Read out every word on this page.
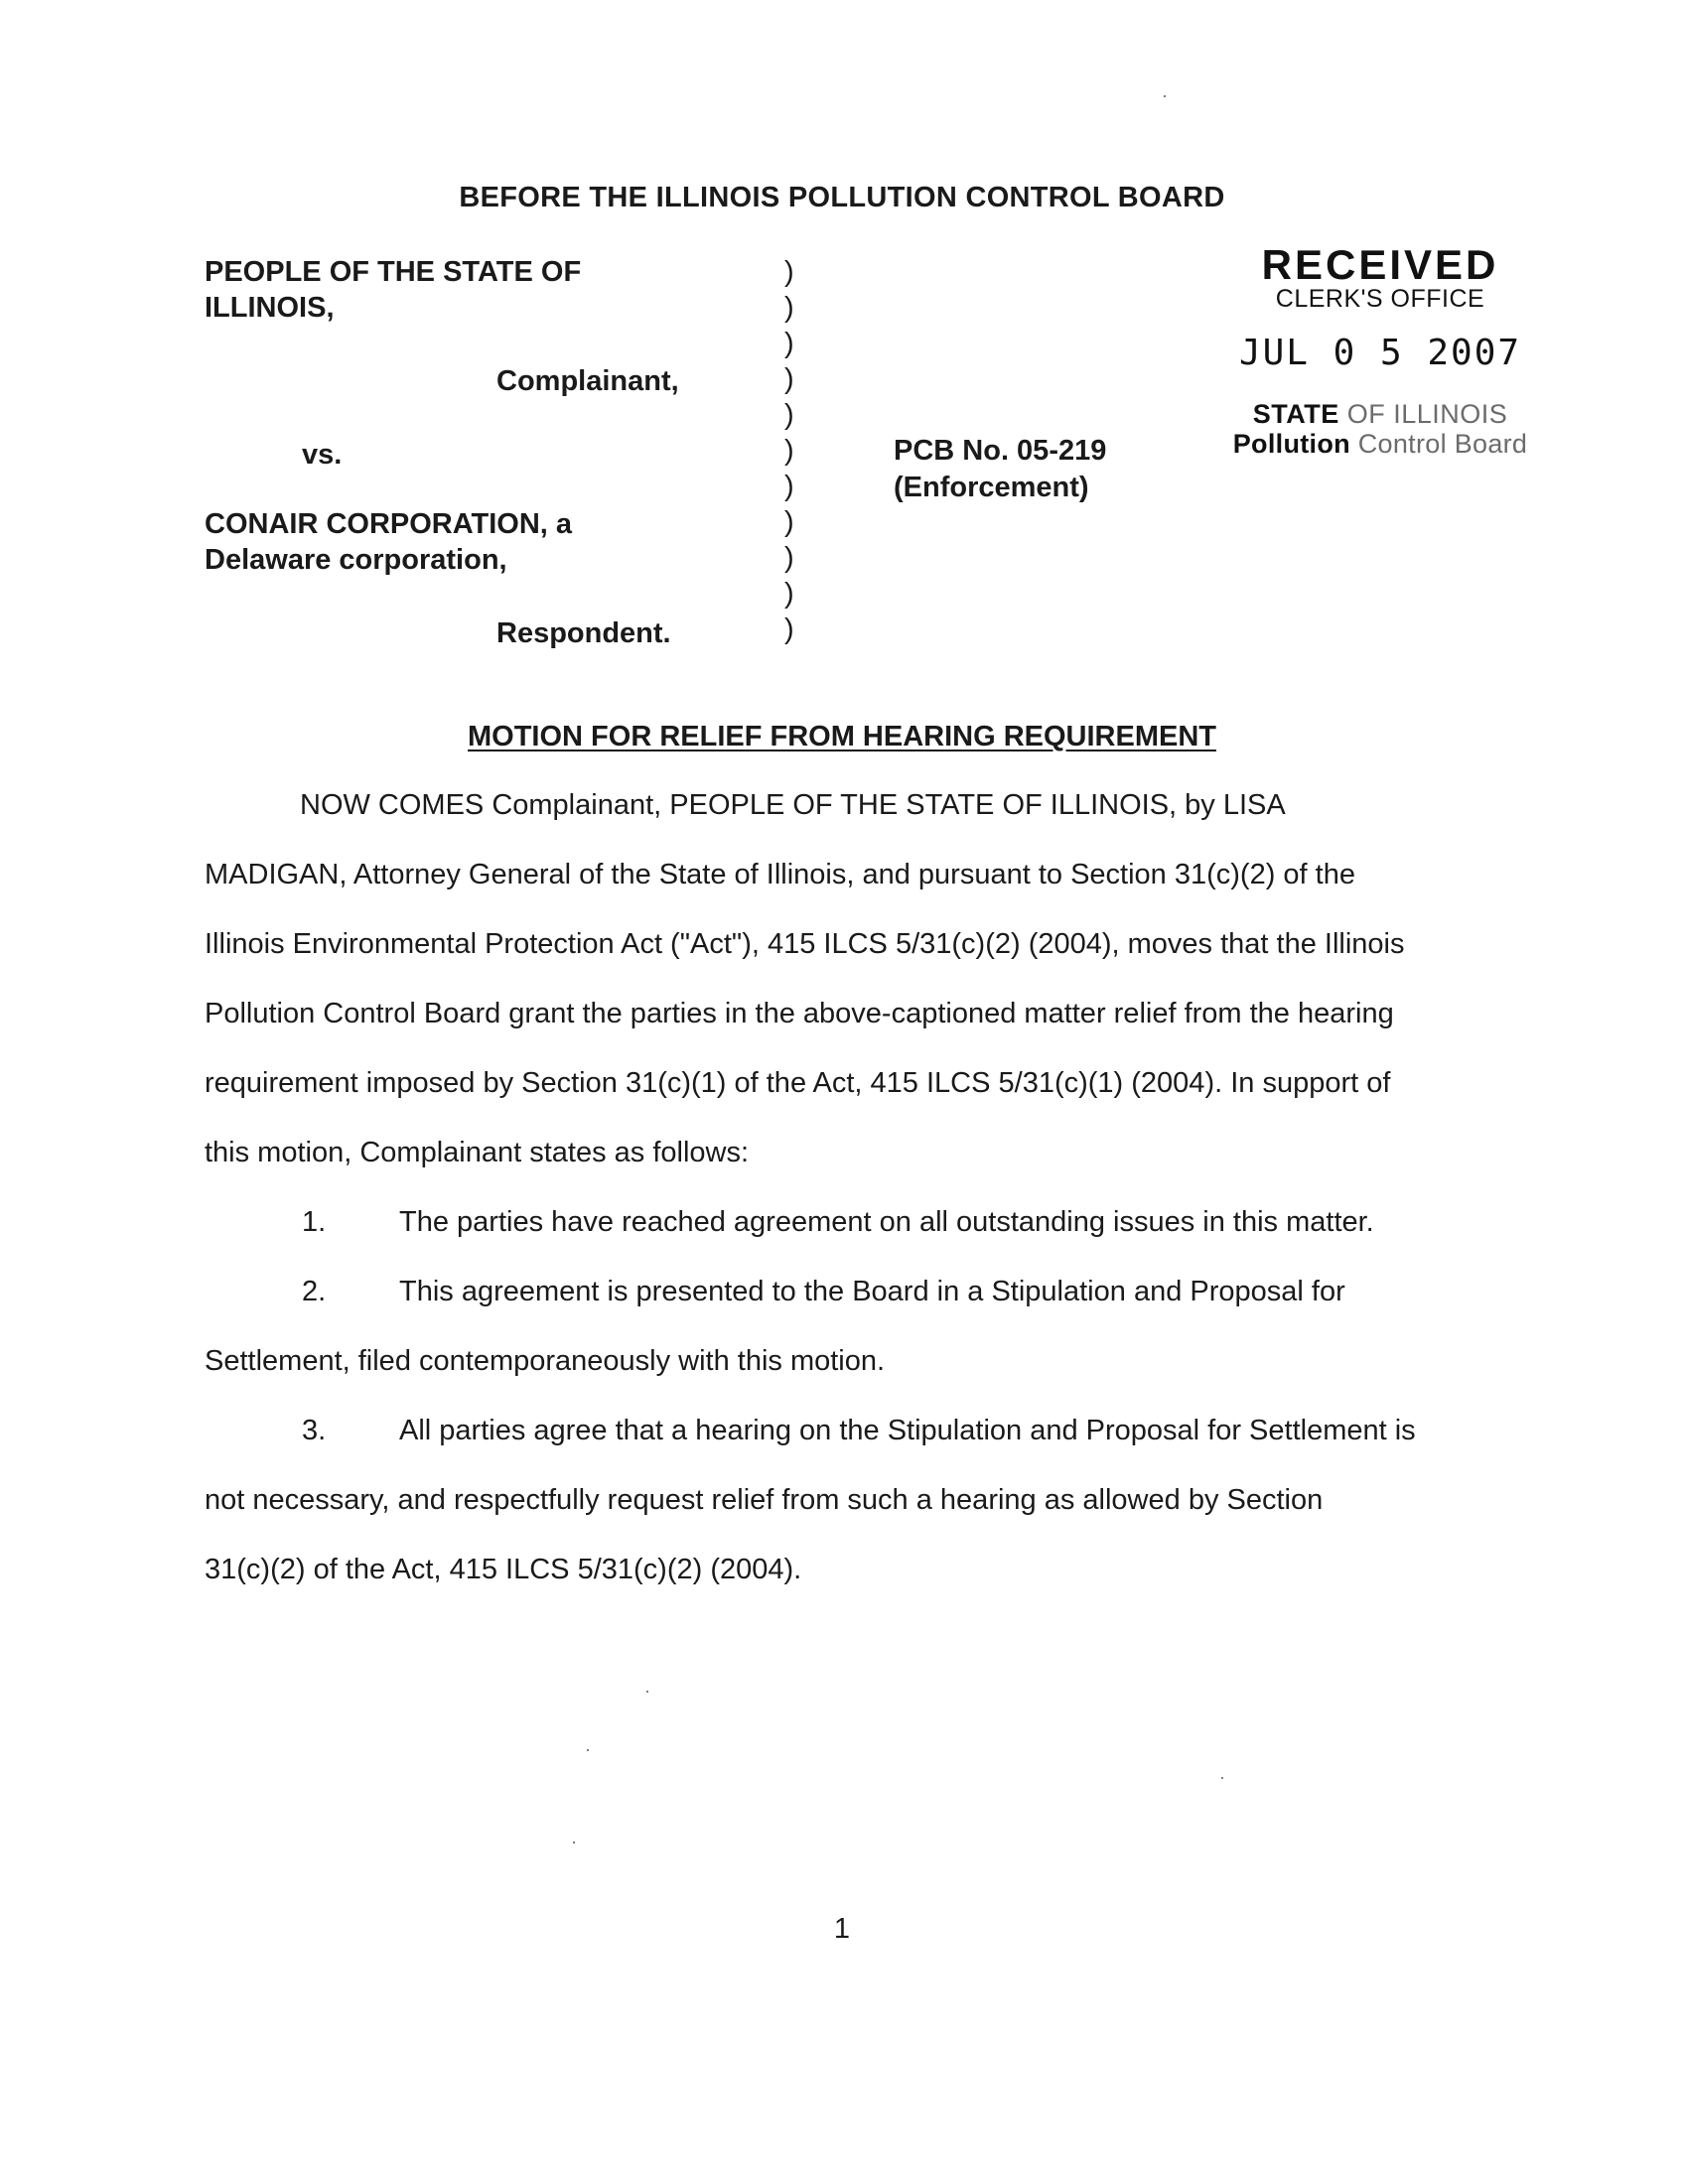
BEFORE THE ILLINOIS POLLUTION CONTROL BOARD
PEOPLE OF THE STATE OF
ILLINOIS,
Complainant,
vs.
CONAIR CORPORATION, a
Delaware corporation,
Respondent.
)
)
)
)
)
)
)
)
)
)
)
PCB No. 05-219
(Enforcement)
RECEIVED
CLERK'S OFFICE
JUL 0 5 2007
STATE OF ILLINOIS
Pollution Control Board
MOTION FOR RELIEF FROM HEARING REQUIREMENT
NOW COMES Complainant, PEOPLE OF THE STATE OF ILLINOIS, by LISA
MADIGAN, Attorney General of the State of Illinois, and pursuant to Section 31(c)(2) of the
Illinois Environmental Protection Act ("Act"), 415 ILCS 5/31(c)(2) (2004), moves that the Illinois
Pollution Control Board grant the parties in the above-captioned matter relief from the hearing
requirement imposed by Section 31(c)(1) of the Act, 415 ILCS 5/31(c)(1) (2004). In support of
this motion, Complainant states as follows:
1.	The parties have reached agreement on all outstanding issues in this matter.
2.	This agreement is presented to the Board in a Stipulation and Proposal for
Settlement, filed contemporaneously with this motion.
3.	All parties agree that a hearing on the Stipulation and Proposal for Settlement is
not necessary, and respectfully request relief from such a hearing as allowed by Section
31(c)(2) of the Act, 415 ILCS 5/31(c)(2) (2004).
1
